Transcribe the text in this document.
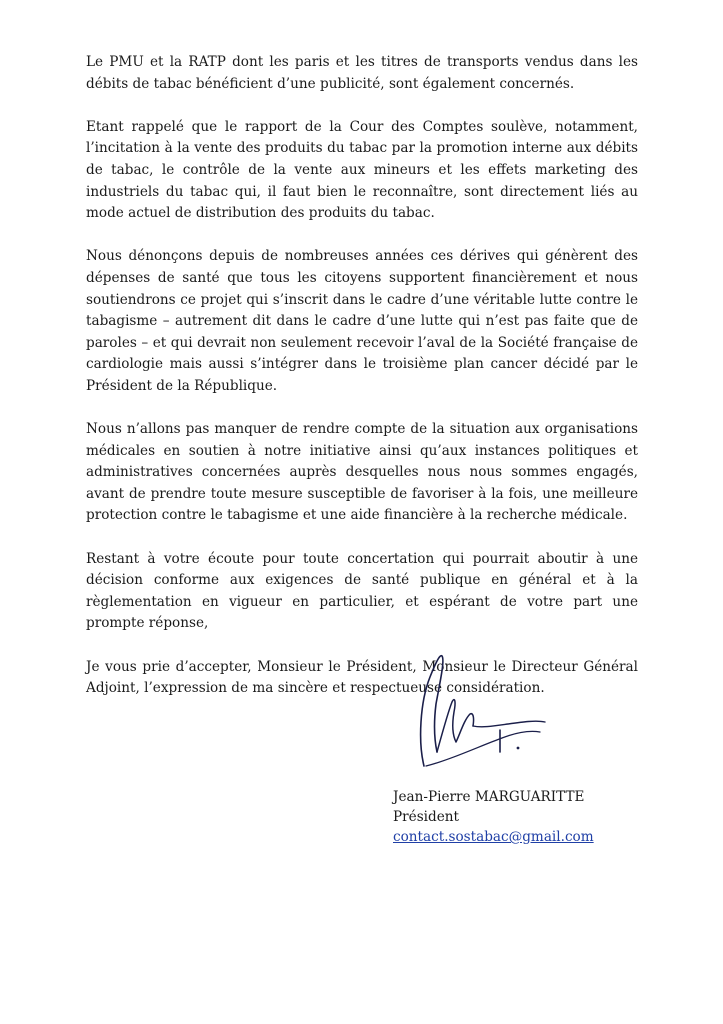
Le PMU et la RATP dont les paris et les titres de transports vendus dans les débits de tabac bénéficient d’une publicité, sont également concernés.

Etant rappelé que le rapport de la Cour des Comptes soulève, notamment, l’incitation à la vente des produits du tabac par la promotion interne aux débits de tabac, le contrôle de la vente aux mineurs et les effets marketing des industriels du tabac qui, il faut bien le reconnaître, sont directement liés au mode actuel de distribution des produits du tabac.

Nous dénonçons depuis de nombreuses années ces dérives qui génèrent des dépenses de santé que tous les citoyens supportent financièrement et nous soutiendrons ce projet qui s’inscrit dans le cadre d’une véritable lutte contre le tabagisme – autrement dit dans le cadre d’une lutte qui n’est pas faite que de paroles – et qui devrait non seulement recevoir l’aval de la Société française de cardiologie mais aussi s’intégrer dans le troisième plan cancer décidé par le Président de la République.

Nous n’allons pas manquer de rendre compte de la situation aux organisations médicales en soutien à notre initiative ainsi qu’aux instances politiques et administratives concernées auprès desquelles nous nous sommes engagés, avant de prendre toute mesure susceptible de favoriser à la fois, une meilleure protection contre le tabagisme et une aide financière à la recherche médicale.

Restant à votre écoute pour toute concertation qui pourrait aboutir à une décision conforme aux exigences de santé publique en général et à la règlementation en vigueur en particulier, et espérant de votre part une prompte réponse,

Je vous prie d’accepter, Monsieur le Président, Monsieur le Directeur Général Adjoint, l’expression de ma sincère et respectueuse considération.

Jean-Pierre MARGUARITTE
Président
contact.sostabac@gmail.com
